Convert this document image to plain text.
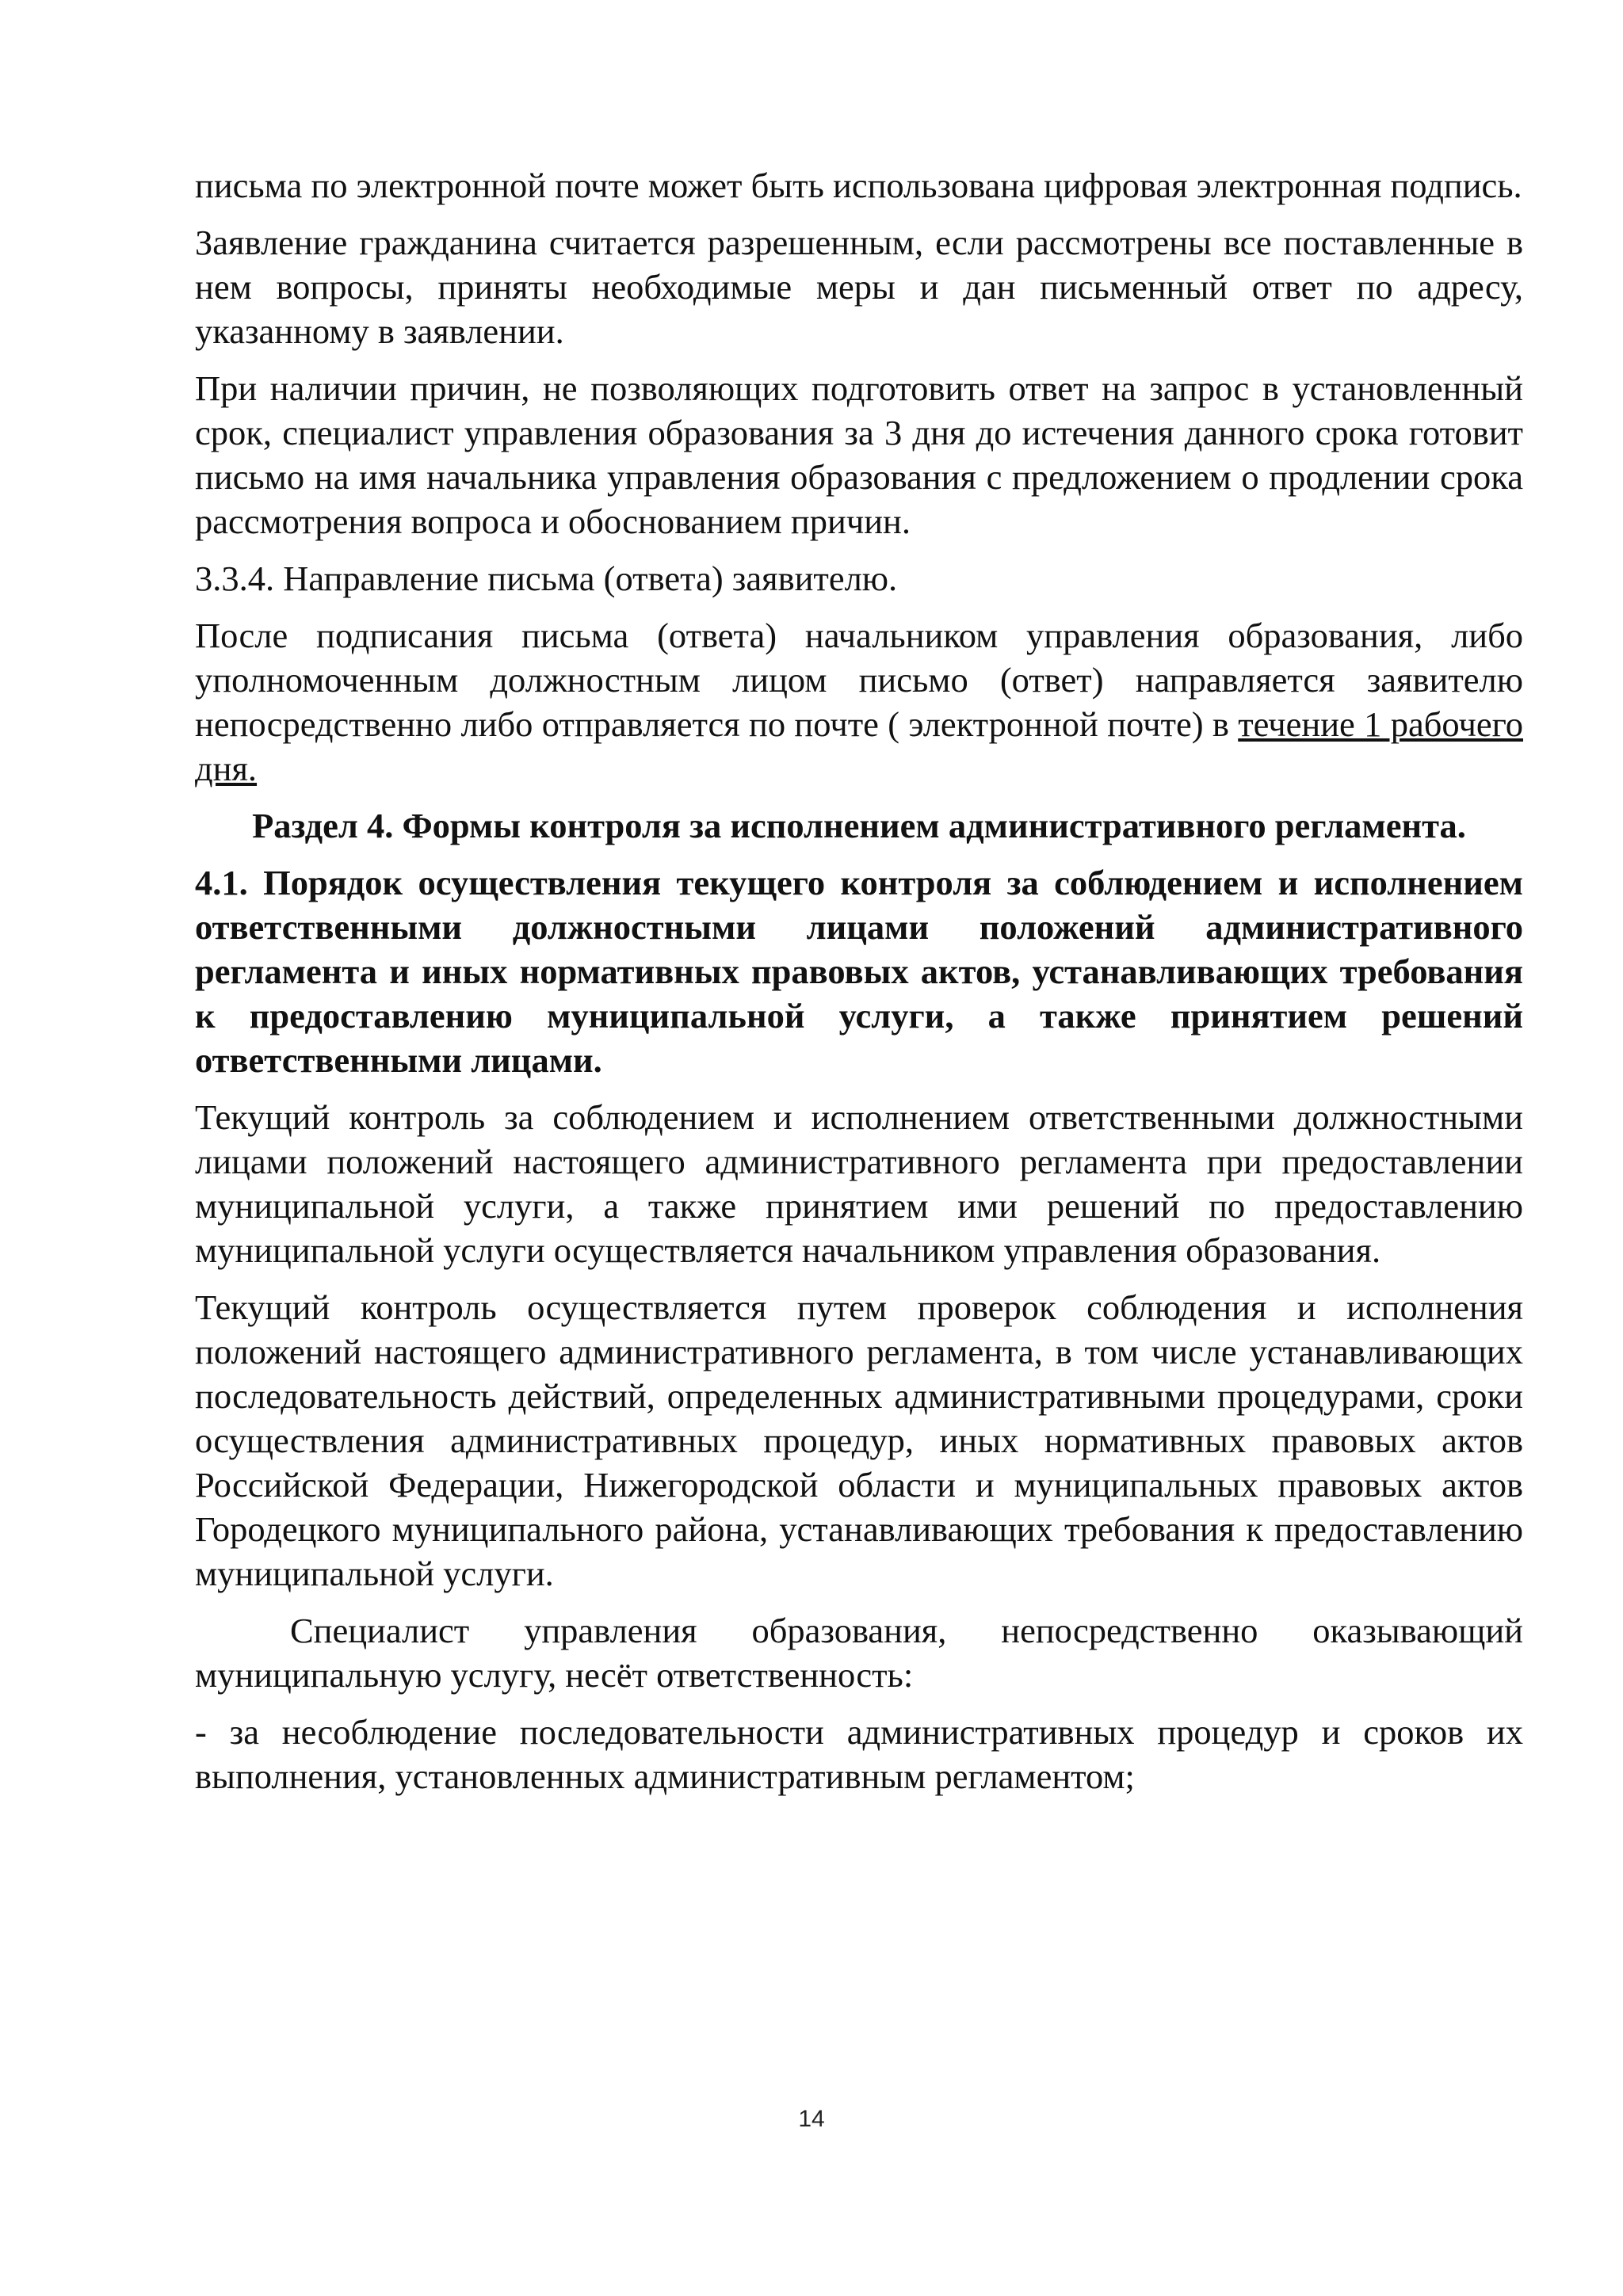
письма по электронной почте может быть использована цифровая электронная подпись.

Заявление гражданина считается разрешенным, если рассмотрены все поставленные в нем вопросы, приняты необходимые меры и дан письменный ответ по адресу, указанному в заявлении.

При наличии причин, не позволяющих подготовить ответ на запрос в установленный срок, специалист управления образования за 3 дня до истечения данного срока готовит письмо на имя начальника управления образования с предложением о продлении срока рассмотрения вопроса и обоснованием причин.

3.3.4. Направление письма (ответа) заявителю.

После подписания письма (ответа) начальником управления образования, либо уполномоченным должностным лицом письмо (ответ) направляется заявителю непосредственно либо отправляется по почте ( электронной почте) в течение 1 рабочего дня.

Раздел 4. Формы контроля за исполнением административного регламента.

4.1. Порядок осуществления текущего контроля за соблюдением и исполнением ответственными должностными лицами положений административного регламента и иных нормативных правовых актов, устанавливающих требования к предоставлению муниципальной услуги, а также принятием решений ответственными лицами.

Текущий контроль за соблюдением и исполнением ответственными должностными лицами положений настоящего административного регламента при предоставлении муниципальной услуги, а также принятием ими решений по предоставлению муниципальной услуги осуществляется начальником управления образования.

Текущий контроль осуществляется путем проверок соблюдения и исполнения положений настоящего административного регламента, в том числе устанавливающих последовательность действий, определенных административными процедурами, сроки осуществления административных процедур, иных нормативных правовых актов Российской Федерации, Нижегородской области и муниципальных правовых актов Городецкого муниципального района, устанавливающих требования к предоставлению муниципальной услуги.

Специалист управления образования, непосредственно оказывающий муниципальную услугу, несёт ответственность:

- за несоблюдение последовательности административных процедур и сроков их выполнения, установленных административным регламентом;

14
